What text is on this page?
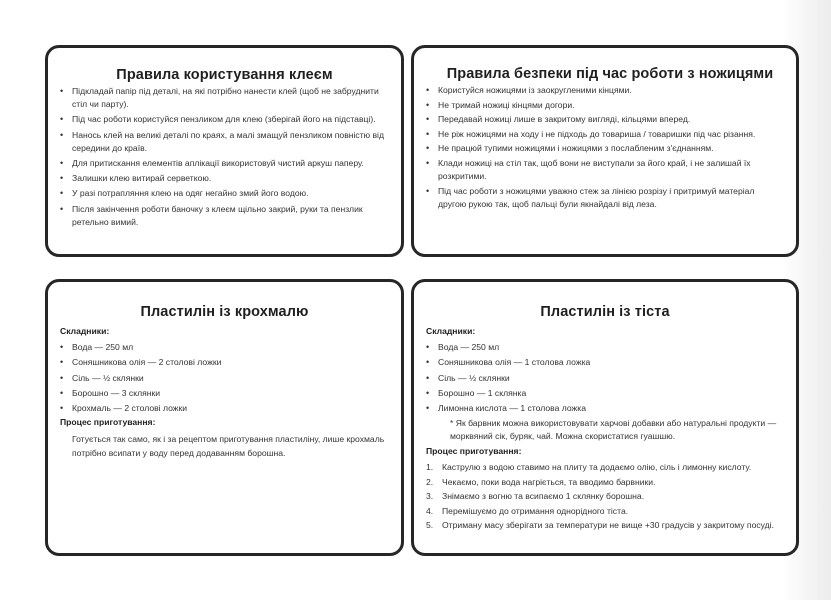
Правила користування клеєм
• Підкладай папір під деталі, на які потрібно нанести клей (щоб не забруднити стіл чи парту).
• Під час роботи користуйся пензликом для клею (зберігай його на підставці).
• Наноcь клей на великі деталі по краях, а малі змащуй пензликом повністю від середини до країв.
• Для притискання елементів аплікації використовуй чистий аркуш паперу.
• Залишки клею витирай серветкою.
• У разі потрапляння клею на одяг негайно змий його водою.
• Після закінчення роботи баночку з клеєм щільно закрий, руки та пензлик ретельно вимий.
Правила безпеки під час роботи з ножицями
• Користуйся ножицями із заокругленими кінцями.
• Не тримай ножиці кінцями догори.
• Передавай ножиці лише в закритому вигляді, кільцями вперед.
• Не ріж ножицями на ходу і не підходь до товариша / товаришки під час різання.
• Не працюй тупими ножицями і ножицями з послабленим з'єднанням.
• Клади ножиці на стіл так, щоб вони не виступали за його край, і не залишай їх розкритими.
• Під час роботи з ножицями уважно стеж за лінією розрізу і притримуй матеріал другою рукою так, щоб пальці були якнайдалі від леза.
Пластилін із крохмалю
Складники:
• Вода — 250 мл
• Соняшникова олія — 2 столові ложки
• Сіль — ½ склянки
• Борошно — 3 склянки
• Крохмаль — 2 столові ложки
Процес приготування:
Готується так само, як і за рецептом приготування пластиліну, лише крохмаль потрібно всипати у воду перед додаванням борошна.
Пластилін із тіста
Складники:
• Вода — 250 мл
• Соняшникова олія — 1 столова ложка
• Сіль — ½ склянки
• Борошно — 1 склянка
• Лимонна кислота — 1 столова ложка
* Як барвник можна використовувати харчові добавки або натуральні продукти — морквяний сік, буряк, чай. Можна скористатися гуашшю.
Процес приготування:
1. Каструлю з водою ставимо на плиту та додаємо олію, сіль і лимонну кислоту.
2. Чекаємо, поки вода нагріється, та вводимо барвники.
3. Знімаємо з вогню та всипаємо 1 склянку борошна.
4. Перемішуємо до отримання однорідного тіста.
5. Отриману масу зберігати за температури не вище +30 градусів у закритому посуді.
